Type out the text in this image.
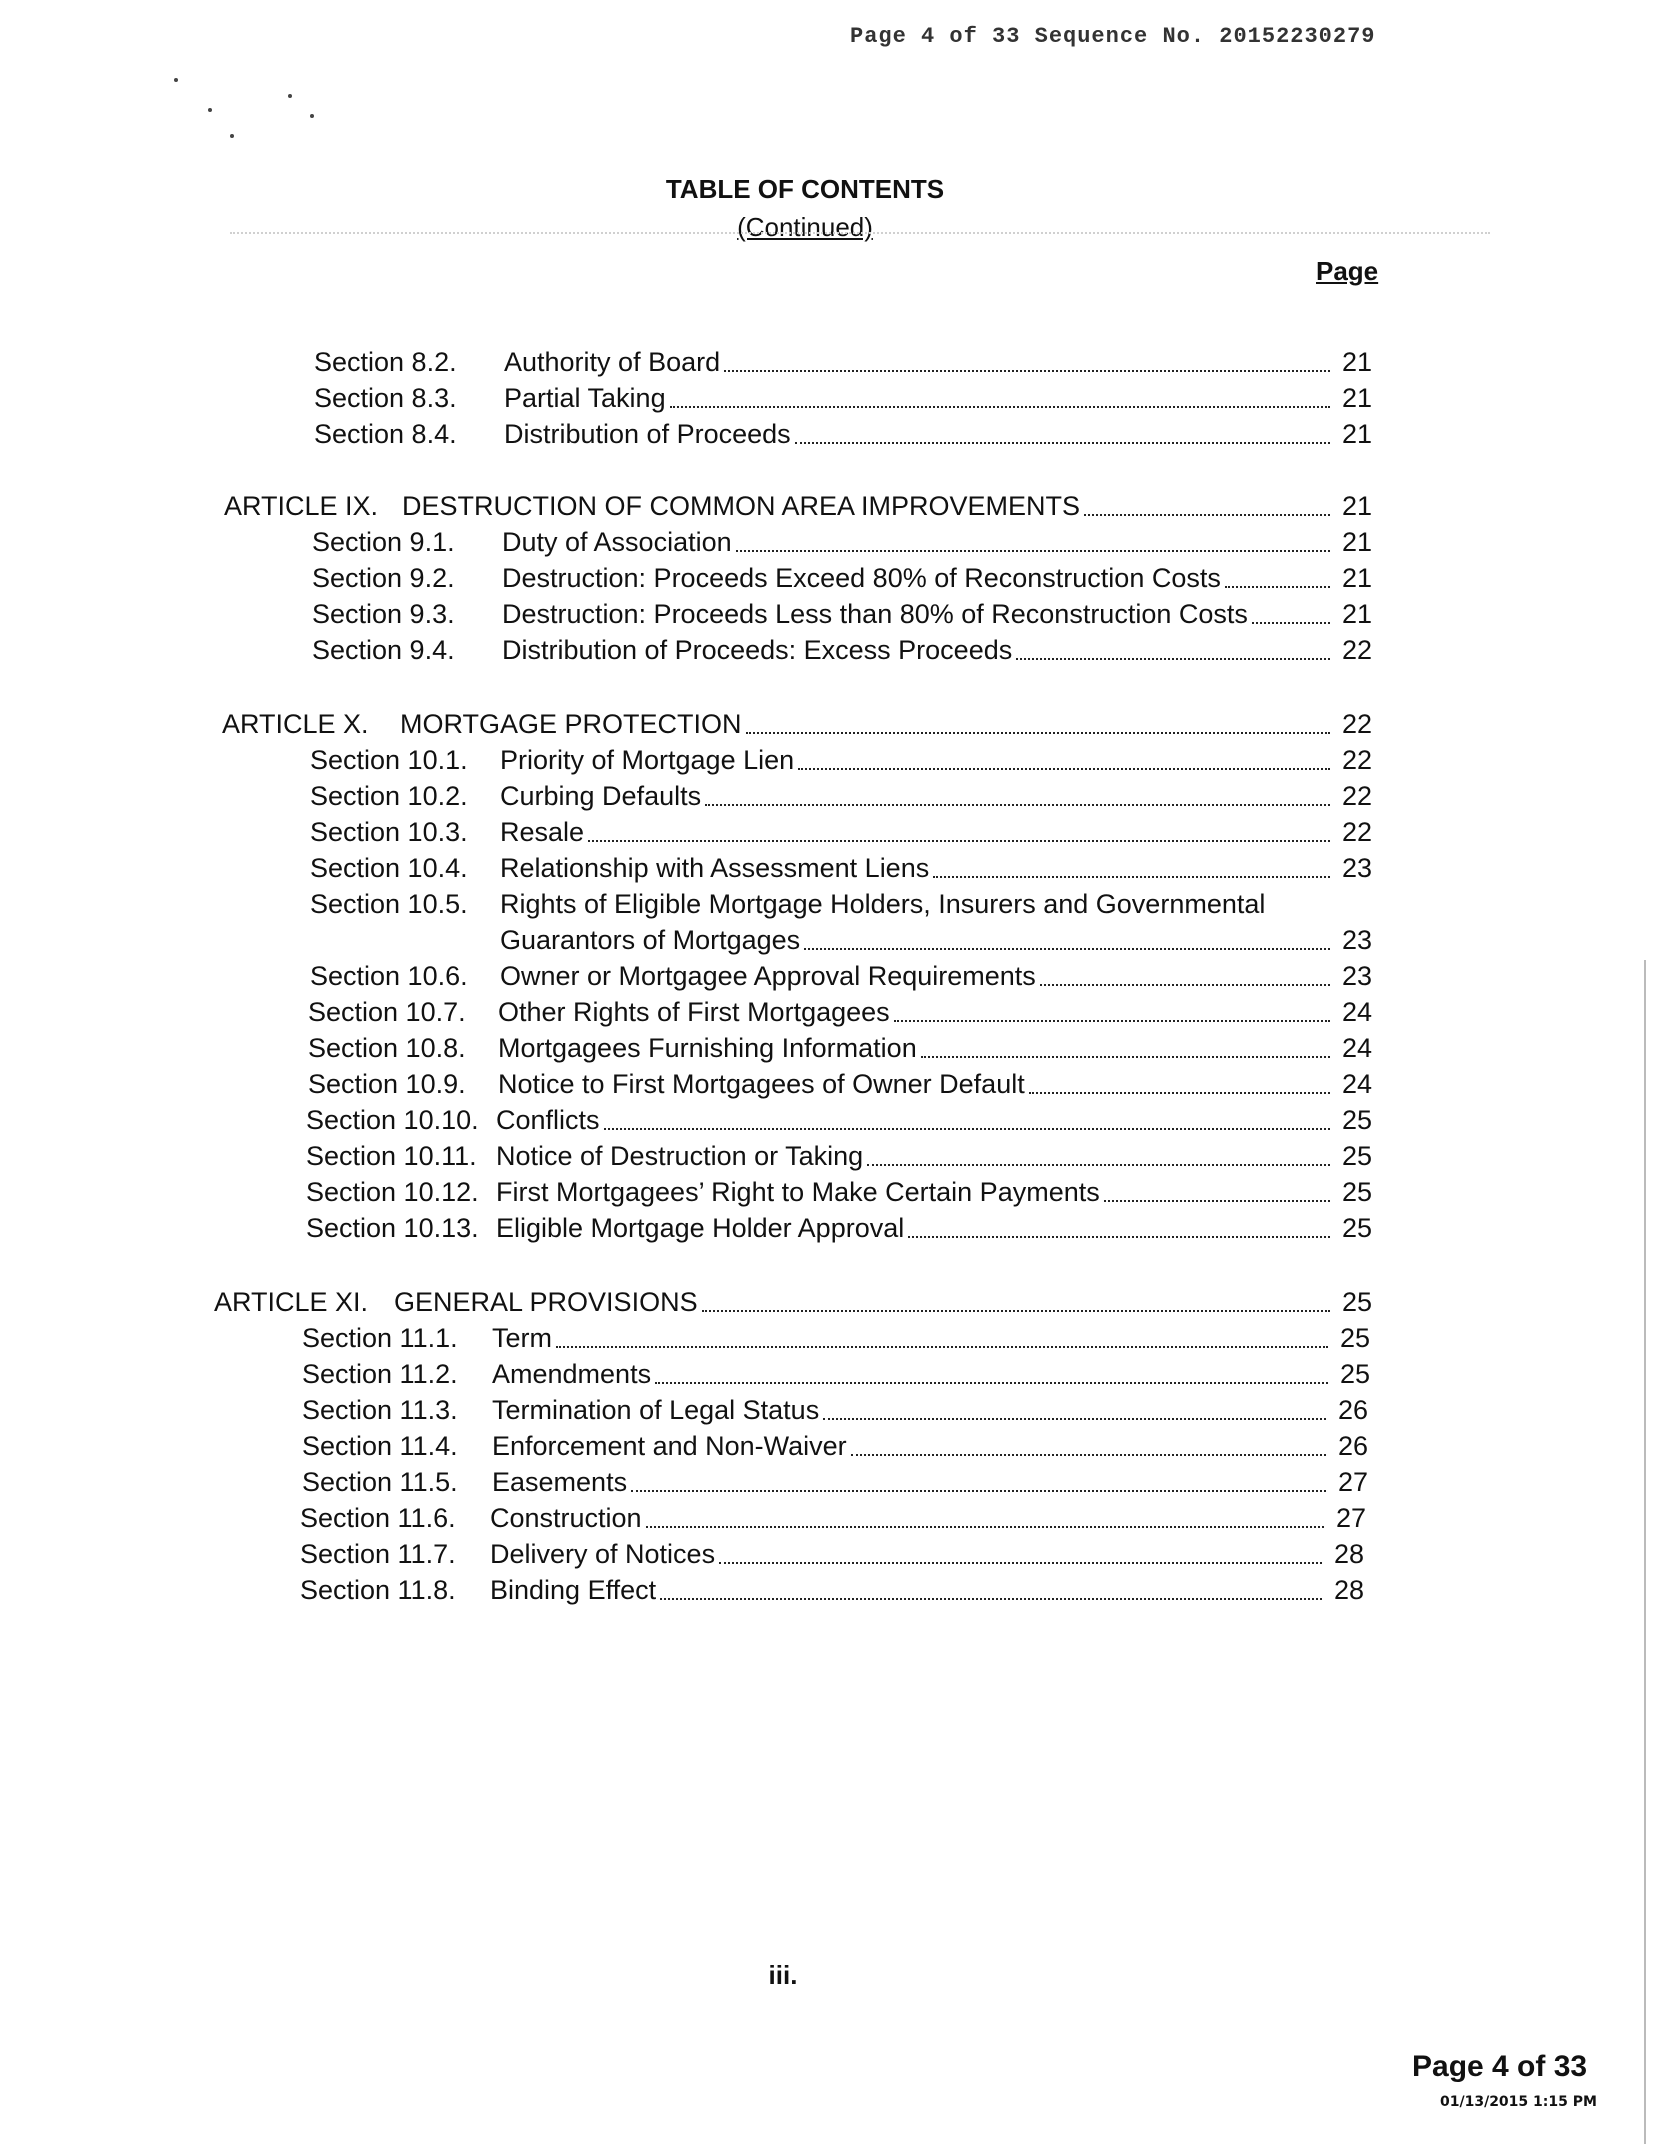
Page 4 of 33 Sequence No. 20152230279
TABLE OF CONTENTS
(Continued)
Page
Section 8.2.	Authority of Board	21
Section 8.3.	Partial Taking	21
Section 8.4.	Distribution of Proceeds	21
ARTICLE IX. DESTRUCTION OF COMMON AREA IMPROVEMENTS	21
Section 9.1.	Duty of Association	21
Section 9.2.	Destruction: Proceeds Exceed 80% of Reconstruction Costs	21
Section 9.3.	Destruction: Proceeds Less than 80% of Reconstruction Costs	21
Section 9.4.	Distribution of Proceeds: Excess Proceeds	22
ARTICLE X.	MORTGAGE PROTECTION	22
Section 10.1.	Priority of Mortgage Lien	22
Section 10.2.	Curbing Defaults	22
Section 10.3.	Resale	22
Section 10.4.	Relationship with Assessment Liens	23
Section 10.5.	Rights of Eligible Mortgage Holders, Insurers and Governmental
Guarantors of Mortgages	23
Section 10.6.	Owner or Mortgagee Approval Requirements	23
Section 10.7.	Other Rights of First Mortgagees	24
Section 10.8.	Mortgagees Furnishing Information	24
Section 10.9.	Notice to First Mortgagees of Owner Default	24
Section 10.10. Conflicts	25
Section 10.11. Notice of Destruction or Taking	25
Section 10.12. First Mortgagees’ Right to Make Certain Payments	25
Section 10.13. Eligible Mortgage Holder Approval	25
ARTICLE XI. GENERAL PROVISIONS	25
Section 11.1.	Term	25
Section 11.2.	Amendments	25
Section 11.3.	Termination of Legal Status	26
Section 11.4.	Enforcement and Non-Waiver	26
Section 11.5.	Easements	27
Section 11.6.	Construction	27
Section 11.7.	Delivery of Notices	28
Section 11.8.	Binding Effect	28
iii.
Page 4 of 33
01/13/2015 1:15 PM
